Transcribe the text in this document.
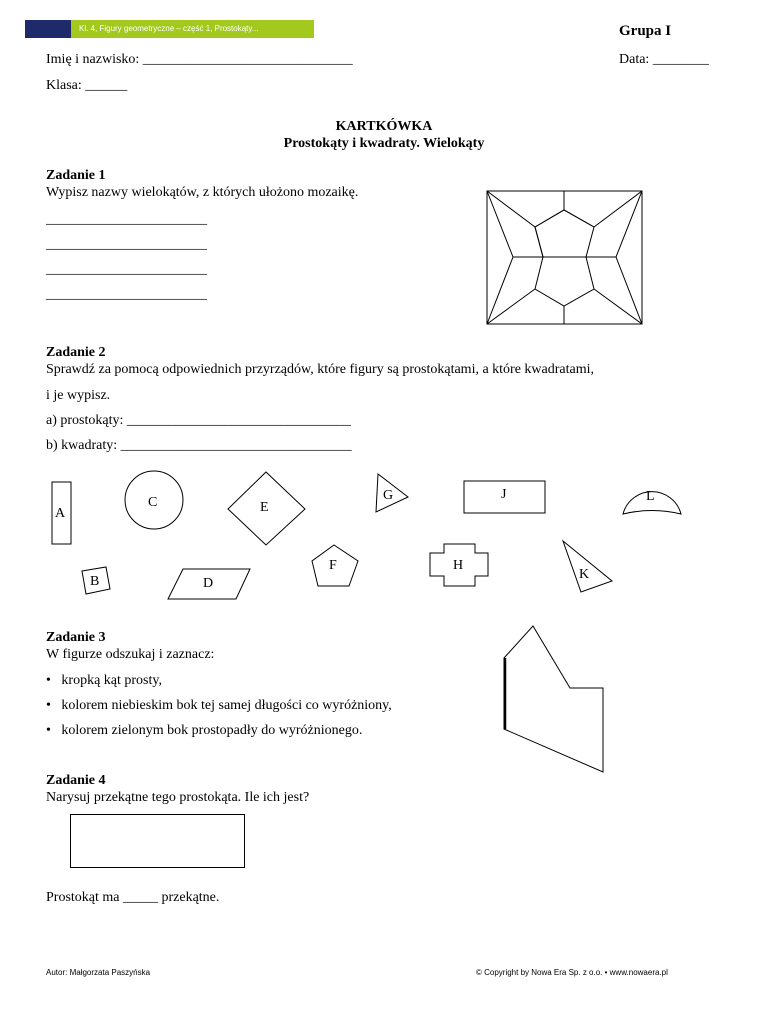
Kl. 4, Figury geometryczne – część 1, Prostokąty...	Grupa I
Imię i nazwisko: ______________________________	Data: ________
Klasa: ______
KARTKÓWKA
Prostokąty i kwadraty. Wielokąty
Zadanie 1
Wypisz nazwy wielokątów, z których ułożono mozaikę.
_______________________
_______________________
_______________________
_______________________
Zadanie 2
Sprawdź za pomocą odpowiednich przyrządów, które figury są prostokątami, a które kwadratami,
i je wypisz.
a) prostokąty: ________________________________
b) kwadraty: _________________________________
A
C	E
G	J	L
B	D
F	H
K
Zadanie 3
W figurze odszukaj i zaznacz:
•   kropką kąt prosty,
•   kolorem niebieskim bok tej samej długości co wyróżniony,
•   kolorem zielonym bok prostopadły do wyróżnionego.
Zadanie 4
Narysuj przekątne tego prostokąta. Ile ich jest?
Prostokąt ma _____ przekątne.
Autor: Małgorzata Paszyńska	© Copyright by Nowa Era Sp. z o.o. • www.nowaera.pl
